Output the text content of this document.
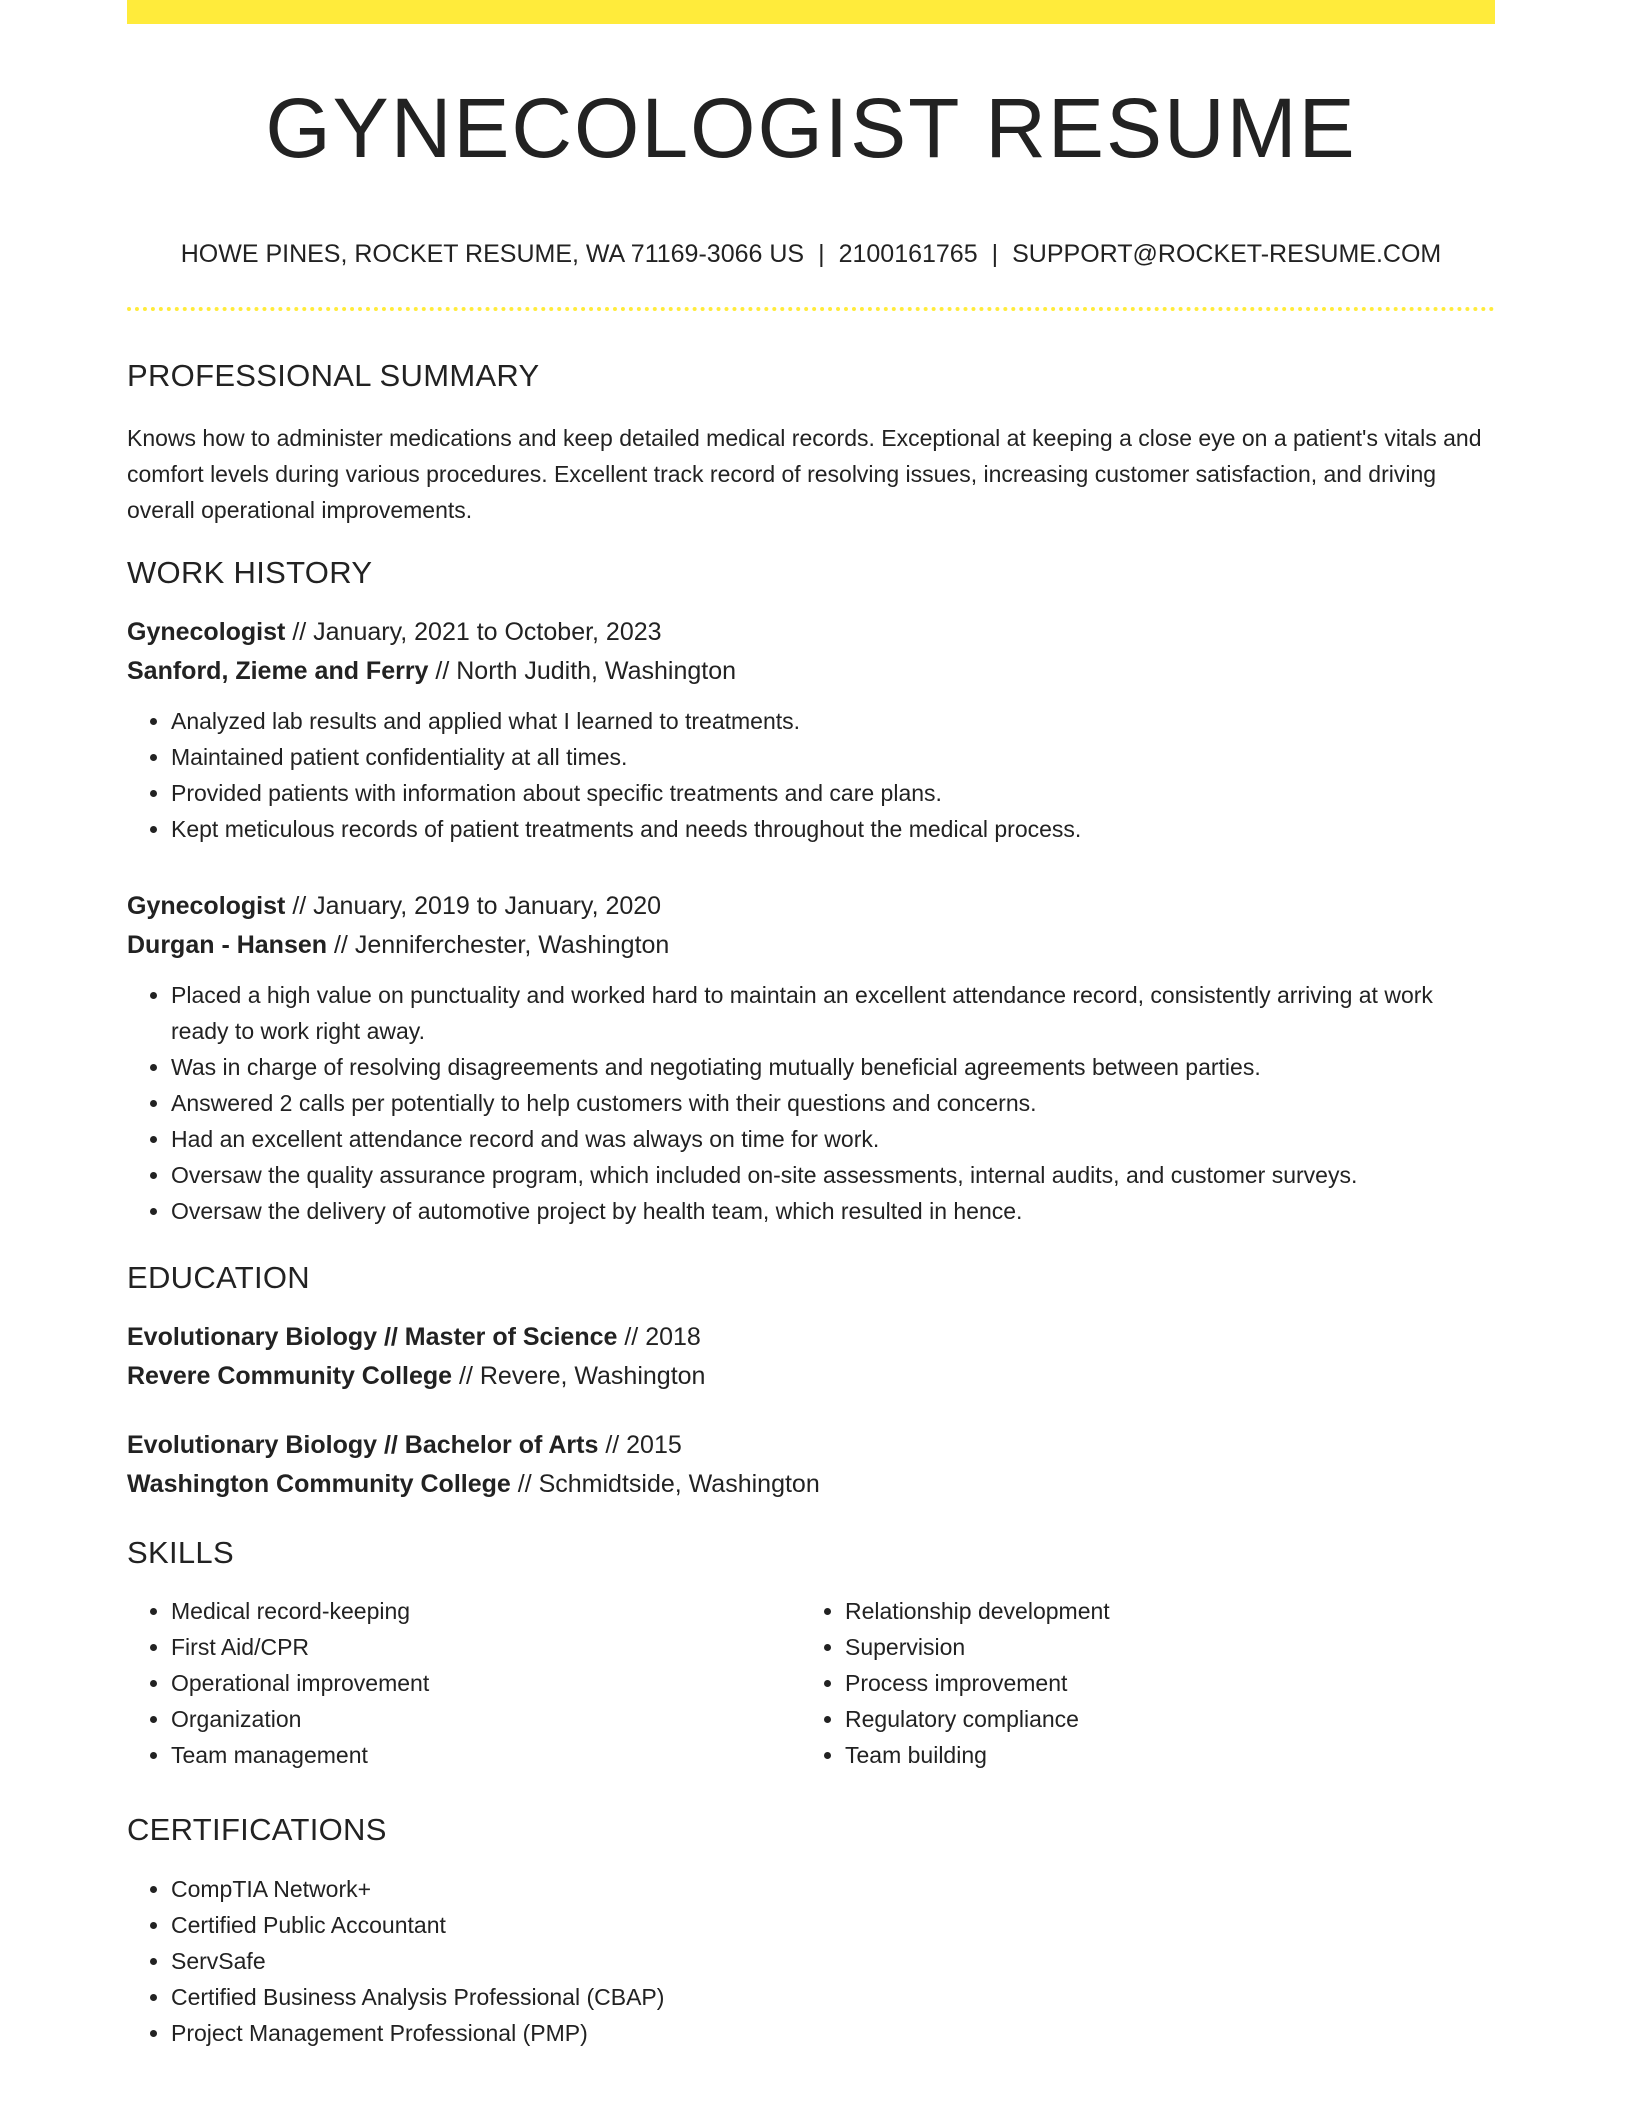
GYNECOLOGIST RESUME
HOWE PINES, ROCKET RESUME, WA 71169-3066 US | 2100161765 | SUPPORT@ROCKET-RESUME.COM
PROFESSIONAL SUMMARY

Knows how to administer medications and keep detailed medical records. Exceptional at keeping a close eye on a patient's vitals and comfort levels during various procedures. Excellent track record of resolving issues, increasing customer satisfaction, and driving overall operational improvements.

WORK HISTORY
Gynecologist // January, 2021 to October, 2023
Sanford, Zieme and Ferry // North Judith, Washington
• Analyzed lab results and applied what I learned to treatments.
• Maintained patient confidentiality at all times.
• Provided patients with information about specific treatments and care plans.
• Kept meticulous records of patient treatments and needs throughout the medical process.
Gynecologist // January, 2019 to January, 2020
Durgan - Hansen // Jenniferchester, Washington
• Placed a high value on punctuality and worked hard to maintain an excellent attendance record, consistently arriving at work ready to work right away.
• Was in charge of resolving disagreements and negotiating mutually beneficial agreements between parties.
• Answered 2 calls per potentially to help customers with their questions and concerns.
• Had an excellent attendance record and was always on time for work.
• Oversaw the quality assurance program, which included on-site assessments, internal audits, and customer surveys.
• Oversaw the delivery of automotive project by health team, which resulted in hence.
EDUCATION
Evolutionary Biology // Master of Science // 2018
Revere Community College // Revere, Washington
Evolutionary Biology // Bachelor of Arts // 2015
Washington Community College // Schmidtside, Washington
SKILLS
• Medical record-keeping
• First Aid/CPR
• Operational improvement
• Organization
• Team management
• Relationship development
• Supervision
• Process improvement
• Regulatory compliance
• Team building
CERTIFICATIONS
• CompTIA Network+
• Certified Public Accountant
• ServSafe
• Certified Business Analysis Professional (CBAP)
• Project Management Professional (PMP)
